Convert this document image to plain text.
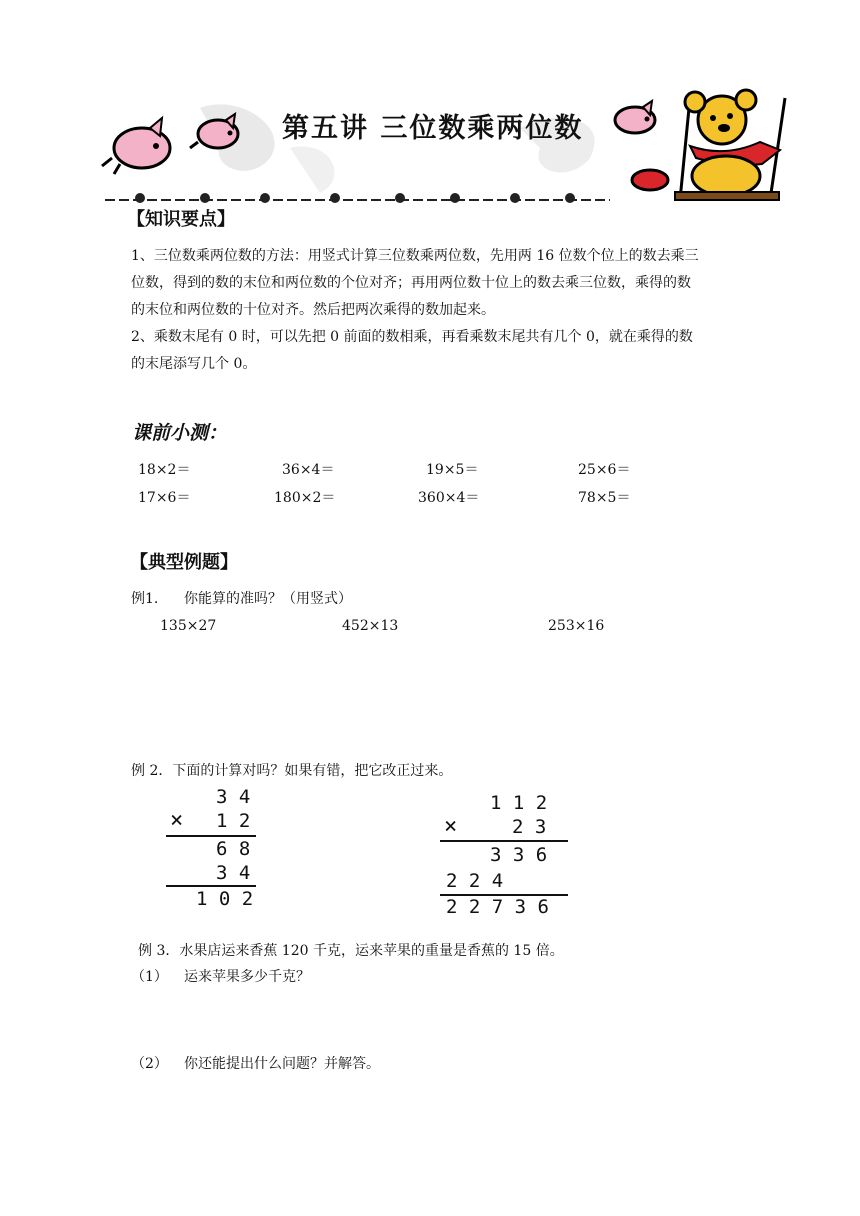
第五讲 三位数乘两位数
【知识要点】
1、三位数乘两位数的方法：用竖式计算三位数乘两位数，先用两 16 位数个位上的数去乘三
位数，得到的数的末位和两位数的个位对齐；再用两位数十位上的数去乘三位数，乘得的数
的末位和两位数的十位对齐。然后把两次乘得的数加起来。
2、乘数末尾有 0 时，可以先把 0 前面的数相乘，再看乘数末尾共有几个 0，就在乘得的数
的末尾添写几个 0。
课前小测：
18×2＝	36×4＝	19×5＝	25×6＝
17×6＝	180×2＝	360×4＝	78×5＝
【典型例题】
例1. 你能算的准吗？（用竖式）
135×27	452×13	253×16
例 2．下面的计算对吗？如果有错，把它改正过来。
3 4
× 1 2
6 8
3 4
1 0 2
1 1 2
×	2 3
3 3 6
2 2 4
2 2 7 3 6
例 3．水果店运来香蕉 120 千克，运来苹果的重量是香蕉的 15 倍。
（1） 运来苹果多少千克？
（2） 你还能提出什么问题？并解答。
